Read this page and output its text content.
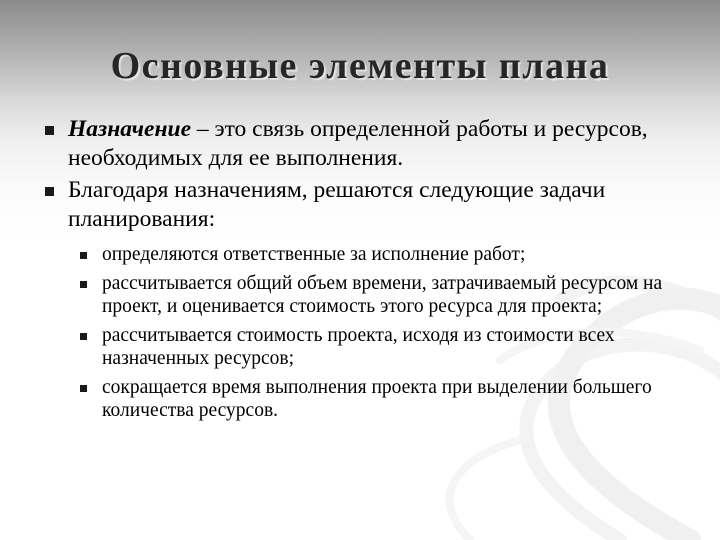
Основные элементы плана
Назначение – это связь определенной работы и ресурсов, необходимых для ее выполнения.
Благодаря назначениям, решаются следующие задачи планирования:
определяются ответственные за исполнение работ;
рассчитывается общий объем времени, затрачиваемый ресурсом на проект, и оценивается стоимость этого ресурса для проекта;
рассчитывается стоимость проекта, исходя из стоимости всех назначенных ресурсов;
сокращается время выполнения проекта при выделении большего количества ресурсов.
